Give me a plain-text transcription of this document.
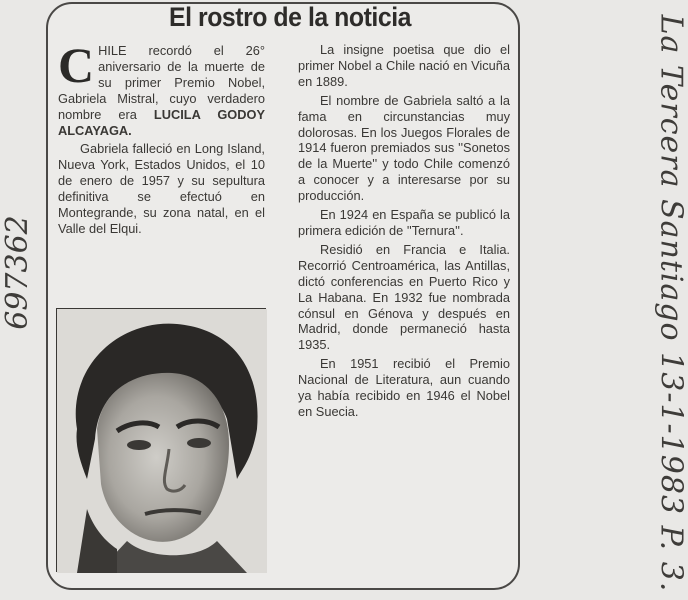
El rostro de la noticia

CHILE recordó el 26° aniversario de la muerte de su primer Premio Nobel, Gabriela Mistral, cuyo verdadero nombre era LUCILA GODOY ALCAYAGA.

Gabriela falleció en Long Island, Nueva York, Estados Unidos, el 10 de enero de 1957 y su sepultura definitiva se efectuó en Montegrande, su zona natal, en el Valle del Elqui.

La insigne poetisa que dio el primer Nobel a Chile nació en Vicuña en 1889.

El nombre de Gabriela saltó a la fama en circunstancias muy dolorosas. En los Juegos Florales de 1914 fueron premiados sus ''Sonetos de la Muerte'' y todo Chile comenzó a conocer y a interesarse por su producción.

En 1924 en España se publicó la primera edición de ''Ternura''.

Residió en Francia e Italia. Recorrió Centroamérica, las Antillas, dictó conferencias en Puerto Rico y La Habana. En 1932 fue nombrada cónsul en Génova y después en Madrid, donde permaneció hasta 1935.

En 1951 recibió el Premio Nacional de Literatura, aun cuando ya había recibido en 1946 el Nobel en Suecia.

697362	La Tercera Santiago 13-1-1983 P. 3.
